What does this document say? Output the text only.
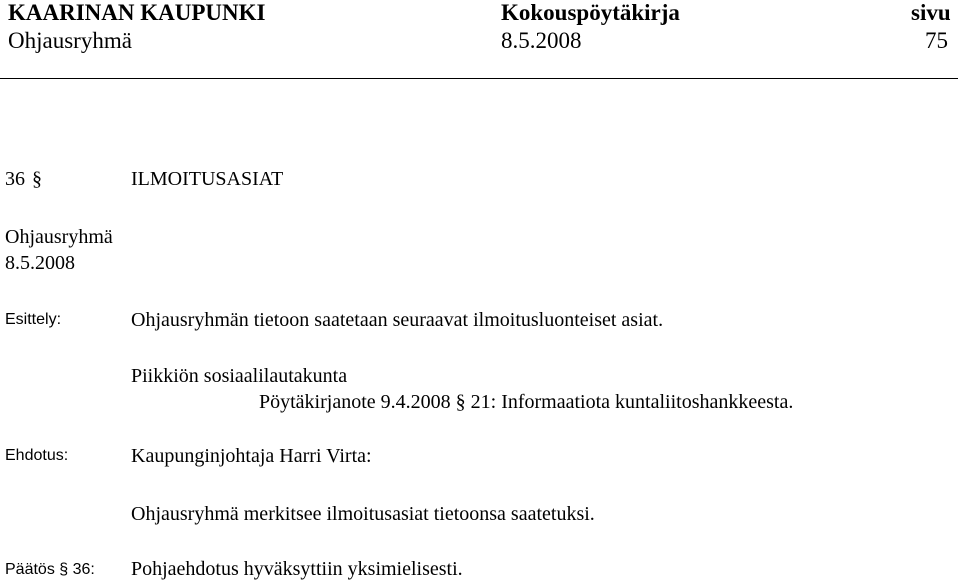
KAARINAN KAUPUNKI	Kokouspöytäkirja	sivu
Ohjausryhmä	8.5.2008	75
36 §	ILMOITUSASIAT
Ohjausryhmä
8.5.2008
Esittely:	Ohjausryhmän tietoon saatetaan seuraavat ilmoitusluonteiset asiat.
Piikkiön sosiaalilautakunta
Pöytäkirjanote 9.4.2008 § 21: Informaatiota kuntaliitoshankkeesta.
Ehdotus:	Kaupunginjohtaja Harri Virta:
Ohjausryhmä merkitsee ilmoitusasiat tietoonsa saatetuksi.
Päätös § 36: Pohjaehdotus hyväksyttiin yksimielisesti.
